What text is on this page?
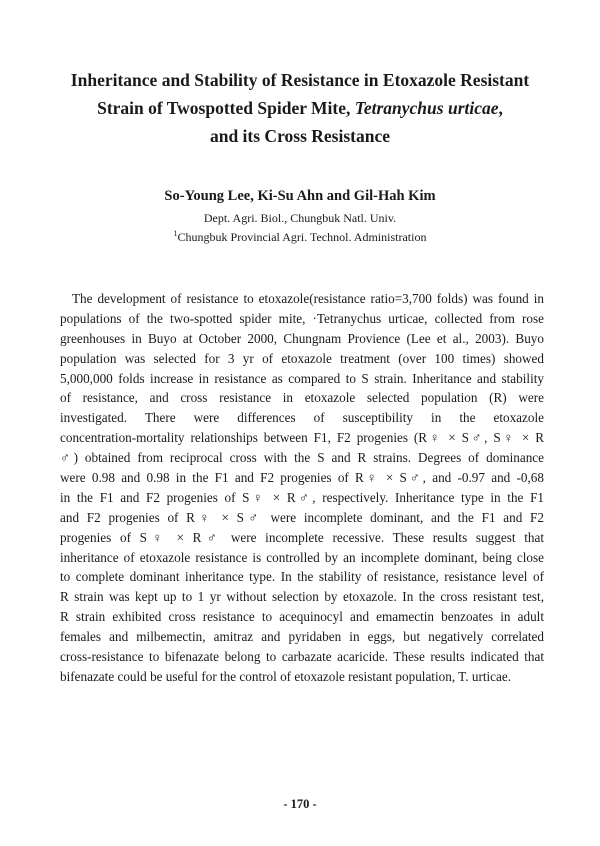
Inheritance and Stability of Resistance in Etoxazole Resistant
Strain of Twospotted Spider Mite, Tetranychus urticae,
and its Cross Resistance
So-Young Lee, Ki-Su Ahn and Gil-Hah Kim
Dept. Agri. Biol., Chungbuk Natl. Univ.
$^1$Chungbuk Provincial Agri. Technol. Administration
The development of resistance to etoxazole(resistance ratio=3,700 folds) was found in
populations of the two-spotted spider mite, ·Tetranychus urticae, collected from rose
greenhouses in Buyo at October 2000, Chungnam Provience (Lee et al., 2003). Buyo
population was selected for 3 yr of etoxazole treatment (over 100 times) showed
5,000,000 folds increase in resistance as compared to S strain. Inheritance and stability
of resistance, and cross resistance in etoxazole selected population (R) were
investigated. There were differences of susceptibility in the etoxazole
concentration-mortality relationships between F1, F2 progenies (R♀ × S♂, S♀ × R
♂) obtained from reciprocal cross with the S and R strains. Degrees of dominance
were 0.98 and 0.98 in the F1 and F2 progenies of R♀ × S♂, and -0.97 and -0,68
in the F1 and F2 progenies of S♀ × R♂, respectively. Inheritance type in the F1
and F2 progenies of R♀ × S♂ were incomplete dominant, and the F1 and F2
progenies of S♀ × R♂ were incomplete recessive. These results suggest that
inheritance of etoxazole resistance is controlled by an incomplete dominant, being close
to complete dominant inheritance type. In the stability of resistance, resistance level of
R strain was kept up to 1 yr without selection by etoxazole. In the cross resistant test,
R strain exhibited cross resistance to acequinocyl and emamectin benzoates in adult
females and milbemectin, amitraz and pyridaben in eggs, but negatively correlated
cross-resistance to bifenazate belong to carbazate acaricide. These results indicated that
bifenazate could be useful for the control of etoxazole resistant population, T. urticae.
- 170 -
